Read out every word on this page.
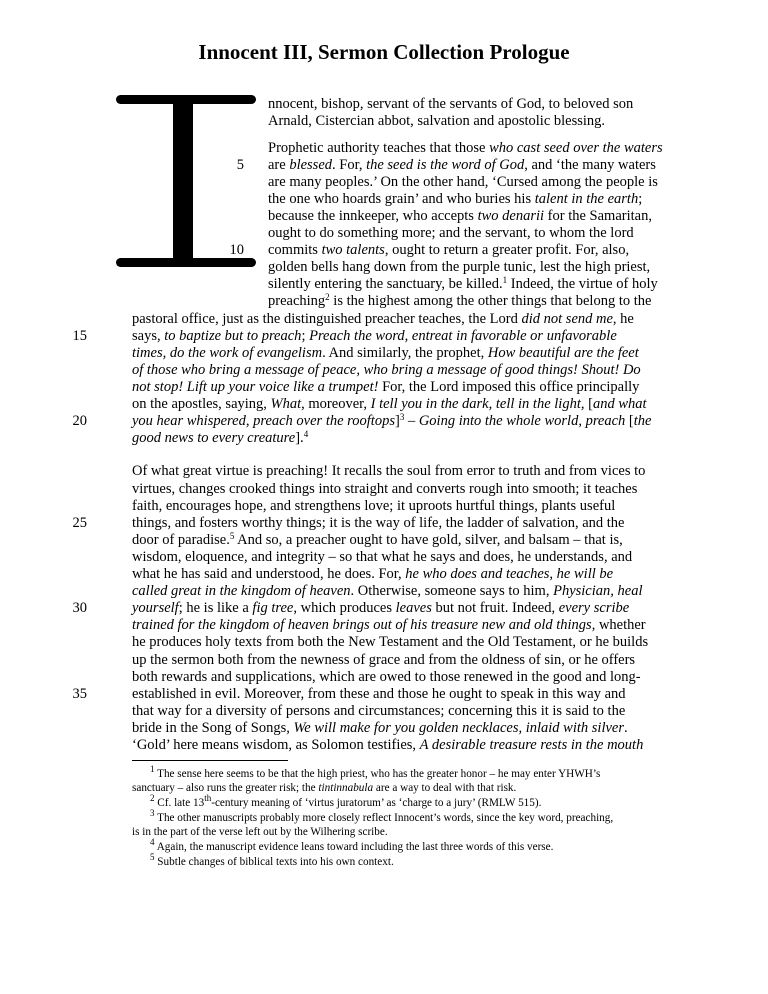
Innocent III, Sermon Collection Prologue
5
10
15
20
25
30
35
nnocent, bishop, servant of the servants of God, to beloved son
Arnald, Cistercian abbot, salvation and apostolic blessing.
Prophetic authority teaches that those who cast seed over the waters
are blessed. For, the seed is the word of God, and ‘the many waters
are many peoples.’ On the other hand, ‘Cursed among the people is
the one who hoards grain’ and who buries his talent in the earth;
because the innkeeper, who accepts two denarii for the Samaritan,
ought to do something more; and the servant, to whom the lord
commits two talents, ought to return a greater profit. For, also,
golden bells hang down from the purple tunic, lest the high priest,
silently entering the sanctuary, be killed.$^1$ Indeed, the virtue of holy
preaching$^2$ is the highest among the other things that belong to the
pastoral office, just as the distinguished preacher teaches, the Lord did not send me, he
says, to baptize but to preach; Preach the word, entreat in favorable or unfavorable
times, do the work of evangelism. And similarly, the prophet, How beautiful are the feet
of those who bring a message of peace, who bring a message of good things! Shout! Do
not stop! Lift up your voice like a trumpet! For, the Lord imposed this office principally
on the apostles, saying, What, moreover, I tell you in the dark, tell in the light, [and what
you hear whispered, preach over the rooftops]$^3$ – Going into the whole world, preach [the
good news to every creature].$^4$
Of what great virtue is preaching! It recalls the soul from error to truth and from vices to
virtues, changes crooked things into straight and converts rough into smooth; it teaches
faith, encourages hope, and strengthens love; it uproots hurtful things, plants useful
things, and fosters worthy things; it is the way of life, the ladder of salvation, and the
door of paradise.$^5$ And so, a preacher ought to have gold, silver, and balsam – that is,
wisdom, eloquence, and integrity – so that what he says and does, he understands, and
what he has said and understood, he does. For, he who does and teaches, he will be
called great in the kingdom of heaven. Otherwise, someone says to him, Physician, heal
yourself; he is like a fig tree, which produces leaves but not fruit. Indeed, every scribe
trained for the kingdom of heaven brings out of his treasure new and old things, whether
he produces holy texts from both the New Testament and the Old Testament, or he builds
up the sermon both from the newness of grace and from the oldness of sin, or he offers
both rewards and supplications, which are owed to those renewed in the good and long-
established in evil. Moreover, from these and those he ought to speak in this way and
that way for a diversity of persons and circumstances; concerning this it is said to the
bride in the Song of Songs, We will make for you golden necklaces, inlaid with silver.
‘Gold’ here means wisdom, as Solomon testifies, A desirable treasure rests in the mouth
$^1$ The sense here seems to be that the high priest, who has the greater honor – he may enter YHWH’s
sanctuary – also runs the greater risk; the tintinnabula are a way to deal with that risk.
$^2$ Cf. late 13th-century meaning of ‘virtus juratorum’ as ‘charge to a jury’ (RMLW 515).
$^3$ The other manuscripts probably more closely reflect Innocent’s words, since the key word, preaching,
is in the part of the verse left out by the Wilhering scribe.
$^4$ Again, the manuscript evidence leans toward including the last three words of this verse.
$^5$ Subtle changes of biblical texts into his own context.
